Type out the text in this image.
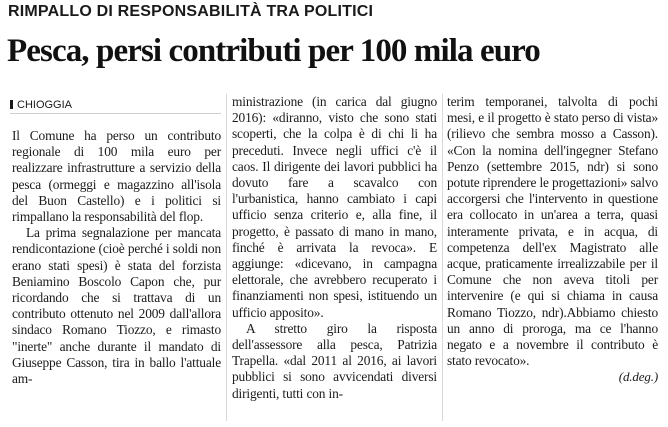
RIMPALLO DI RESPONSABILITÀ TRA POLITICI
Pesca, persi contributi per 100 mila euro
CHIOGGIA

Il Comune ha perso un contributo regionale di 100 mila euro per realizzare infrastrutture a servizio della pesca (ormeggi e magazzino all'isola del Buon Castello) e i politici si rimpallano la responsabilità del flop.

La prima segnalazione per mancata rendicontazione (cioè perché i soldi non erano stati spesi) è stata del forzista Beniamino Boscolo Capon che, pur ricordando che si trattava di un contributo ottenuto nel 2009 dall'allora sindaco Romano Tiozzo, e rimasto "inerte" anche durante il mandato di Giuseppe Casson, tira in ballo l'attuale am-

ministrazione (in carica dal giugno 2016): «diranno, visto che sono stati scoperti, che la colpa è di chi li ha preceduti. Invece negli uffici c'è il caos. Il dirigente dei lavori pubblici ha dovuto fare a scavalco con l'urbanistica, hanno cambiato i capi ufficio senza criterio e, alla fine, il progetto, è passato di mano in mano, finché è arrivata la revoca». E aggiunge: «dicevano, in campagna elettorale, che avrebbero recuperato i finanziamenti non spesi, istituendo un ufficio apposito».

A stretto giro la risposta dell'assessore alla pesca, Patrizia Trapella. «dal 2011 al 2016, ai lavori pubblici si sono avvicendati diversi dirigenti, tutti con in-

terim temporanei, talvolta di pochi mesi, e il progetto è stato perso di vista» (rilievo che sembra mosso a Casson). «Con la nomina dell'ingegner Stefano Penzo (settembre 2015, ndr) si sono potute riprendere le progettazioni» salvo accorgersi che l'intervento in questione era collocato in un'area a terra, quasi interamente privata, e in acqua, di competenza dell'ex Magistrato alle acque, praticamente irrealizzabile per il Comune che non aveva titoli per intervenire (e qui si chiama in causa Romano Tiozzo, ndr).Abbiamo chiesto un anno di proroga, ma ce l'hanno negato e a novembre il contributo è stato revocato».

(d.deg.)
